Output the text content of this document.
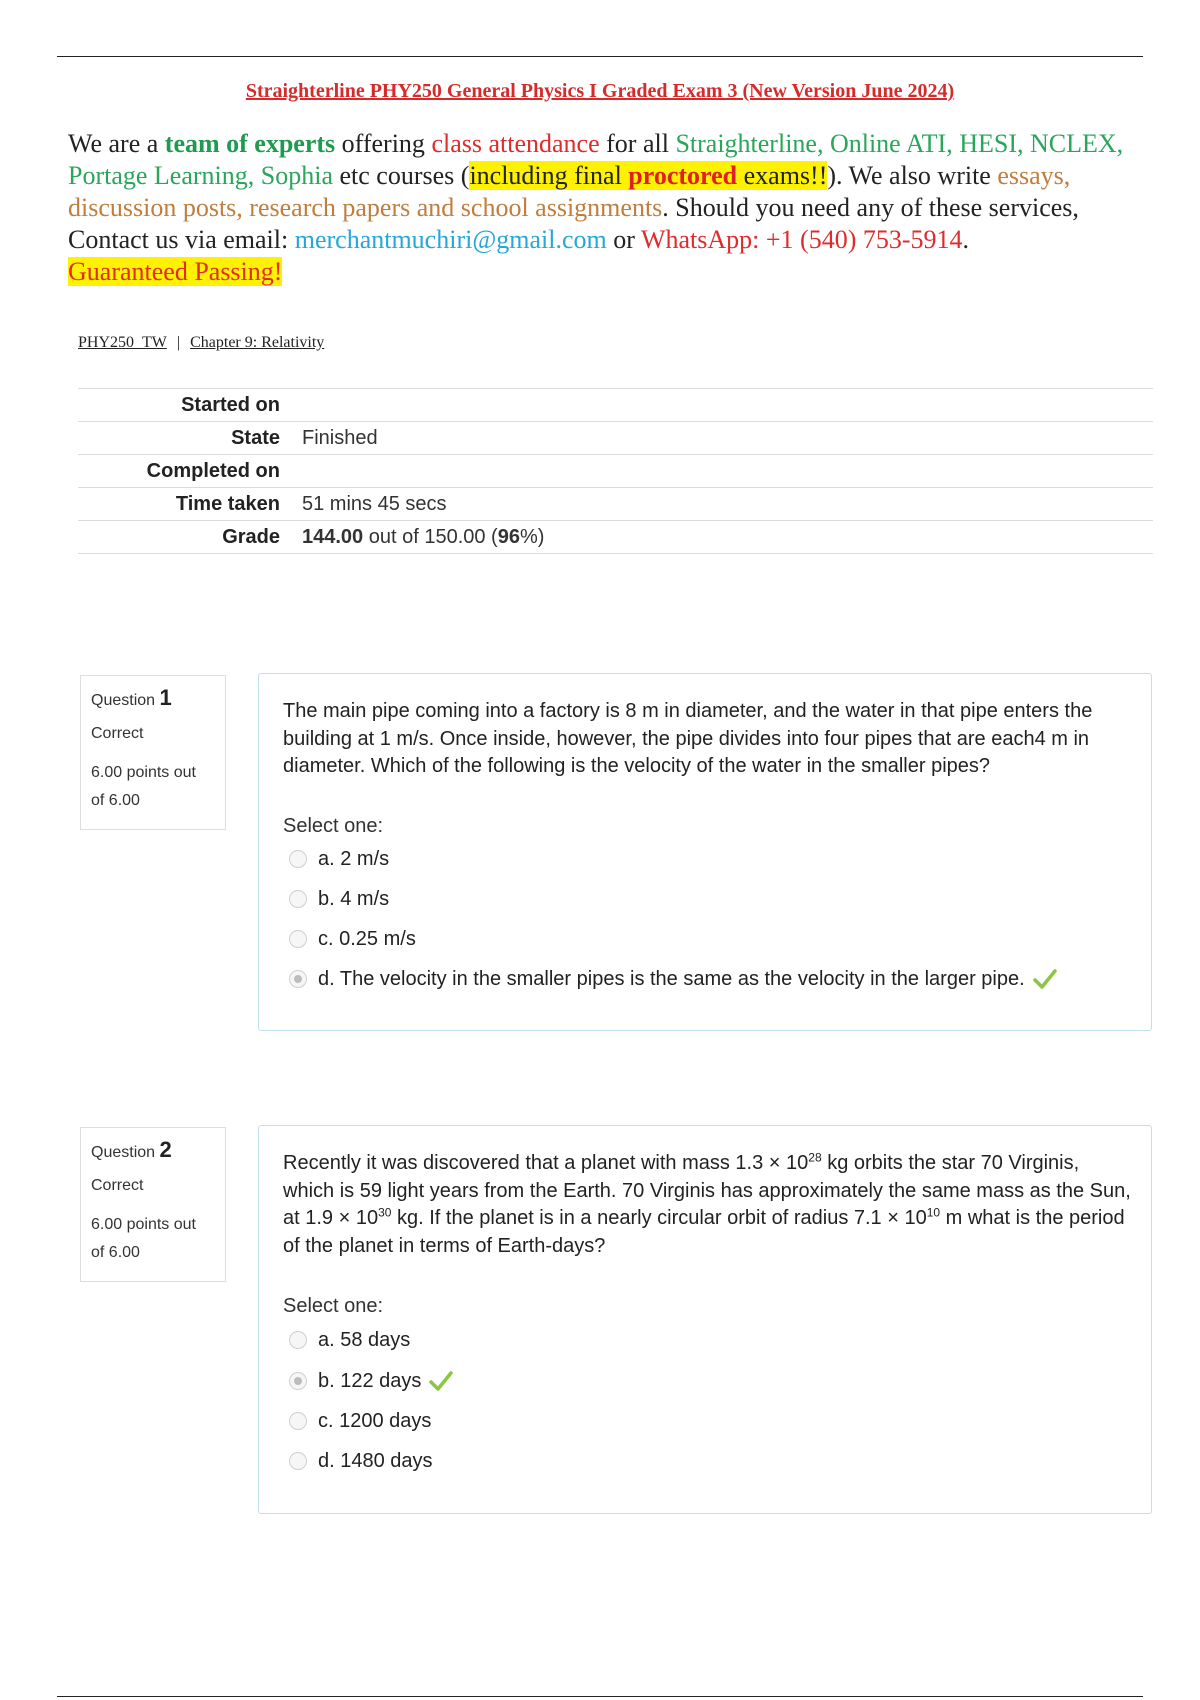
Straighterline PHY250 General Physics I Graded Exam 3 (New Version June 2024)
We are a team of experts offering class attendance for all Straighterline, Online ATI, HESI, NCLEX, Portage Learning, Sophia etc courses (including final proctored exams!!). We also write essays, discussion posts, research papers and school assignments. Should you need any of these services, Contact us via email: merchantmuchiri@gmail.com or WhatsApp: +1 (540) 753-5914.
Guaranteed Passing!
PHY250_TW | Chapter 9: Relativity
Started on	
State	Finished
Completed on	
Time taken	51 mins 45 secs
Grade	144.00 out of 150.00 (96%)
Question 1
Correct
6.00 points out of 6.00
The main pipe coming into a factory is 8 m in diameter, and the water in that pipe enters the building at 1 m/s. Once inside, however, the pipe divides into four pipes that are each4 m in diameter. Which of the following is the velocity of the water in the smaller pipes?
Select one:
a. 2 m/s
b. 4 m/s
c. 0.25 m/s
d. The velocity in the smaller pipes is the same as the velocity in the larger pipe.
Question 2
Correct
6.00 points out of 6.00
Recently it was discovered that a planet with mass $1.3 \times 10^{28}$ kg orbits the star 70 Virginis, which is 59 light years from the Earth. 70 Virginis has approximately the same mass as the Sun, at $1.9 \times 10^{30}$ kg. If the planet is in a nearly circular orbit of radius $7.1 \times 10^{10}$ m what is the period of the planet in terms of Earth-days?
Select one:
a. 58 days
b. 122 days
c. 1200 days
d. 1480 days
